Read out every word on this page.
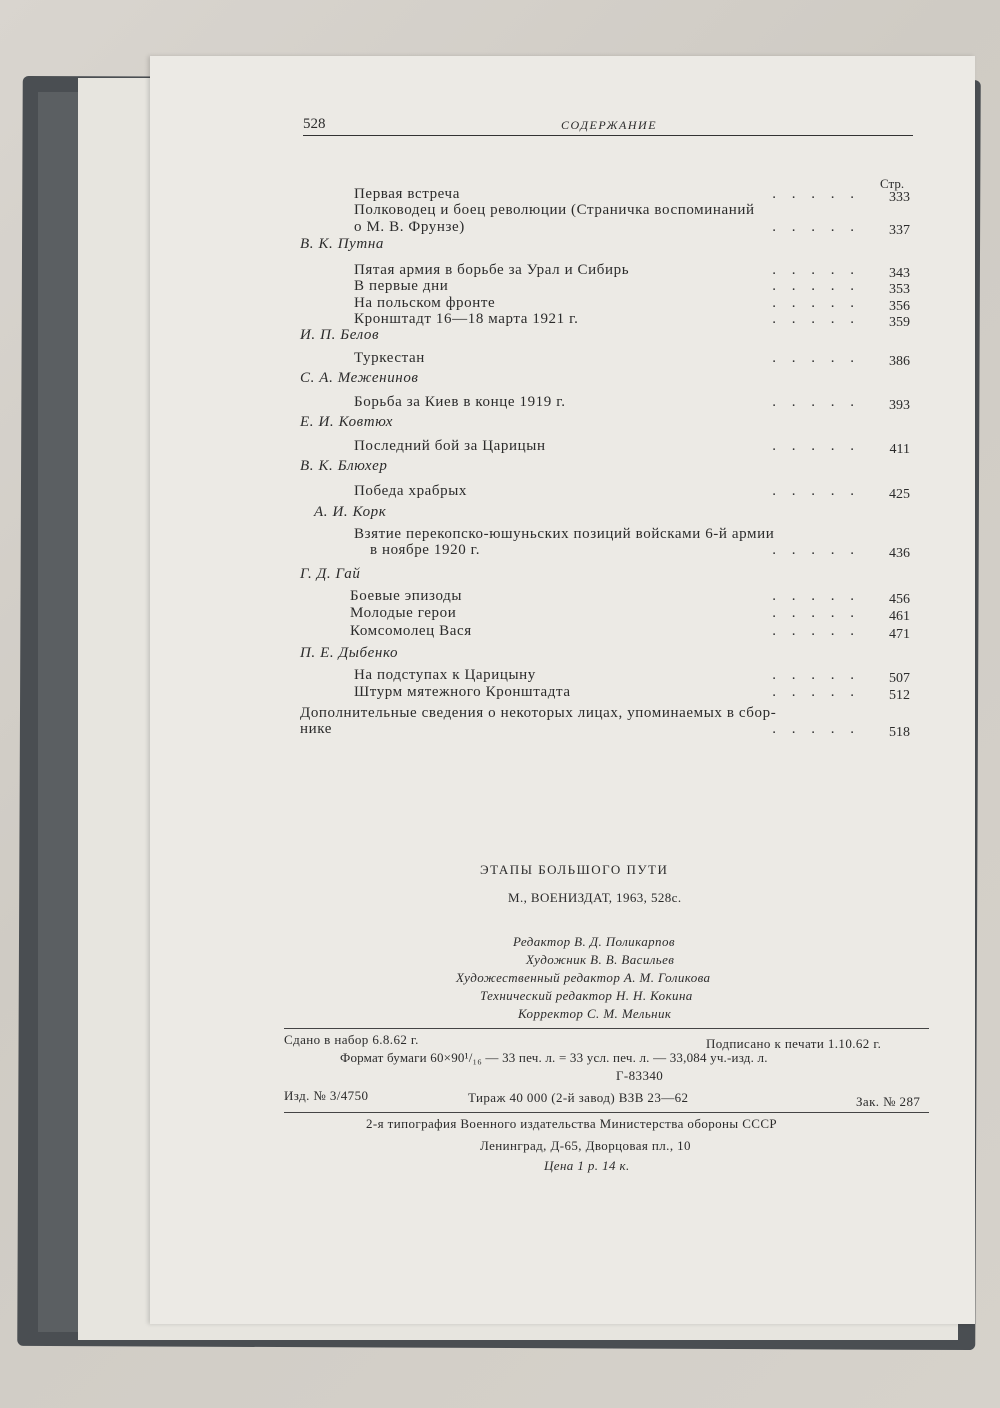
528	СОДЕРЖАНИЕ
Стр.
Первая встреча	333
. . . . .
Полководец и боец революции (Страничка воспоминаний
о М. В. Фрунзе)	337
. . . . .
В. К. Путна
Пятая армия в борьбе за Урал и Сибирь	343
. . . . .
В первые дни	353
. . . . .
На польском фронте	356
. . . . .
Кронштадт 16—18 марта 1921 г.	359
. . . . .
И. П. Белов
Туркестан	386
. . . . .
С. А. Меженинов
Борьба за Киев в конце 1919 г.	393
. . . . .
Е. И. Ковтюх
Последний бой за Царицын	411
. . . . .
В. К. Блюхер
Победа храбрых	425
. . . . .
А. И. Корк
Взятие перекопско-юшуньских позиций войсками 6-й армии
в ноябре 1920 г.	436
. . . . .
Г. Д. Гай
Боевые эпизоды	456
. . . . .
Молодые герои	461
. . . . .
Комсомолец Вася	471
. . . . .
П. Е. Дыбенко
На подступах к Царицыну	507
. . . . .
Штурм мятежного Кронштадта	512
. . . . .
Дополнительные сведения о некоторых лицах, упоминаемых в сбор-
нике	518
. . . . .
ЭТАПЫ БОЛЬШОГО ПУТИ
М., ВОЕНИЗДАТ, 1963, 528с.
Редактор В. Д. Поликарпов
Художник В. В. Васильев
Художественный редактор А. М. Голикова
Технический редактор Н. Н. Кокина
Корректор С. М. Мельник
Сдано в набор 6.8.62 г.	Подписано к печати 1.10.62 г.
Формат бумаги 60×90¹/₁₆ — 33 печ. л. = 33 усл. печ. л. — 33,084 уч.-изд. л.
Г-83340
Изд. № 3/4750	Тираж 40 000 (2-й завод) ВЗВ 23—62	Зак. № 287
2-я типография Военного издательства Министерства обороны СССР
Ленинград, Д-65, Дворцовая пл., 10
Цена 1 р. 14 к.
